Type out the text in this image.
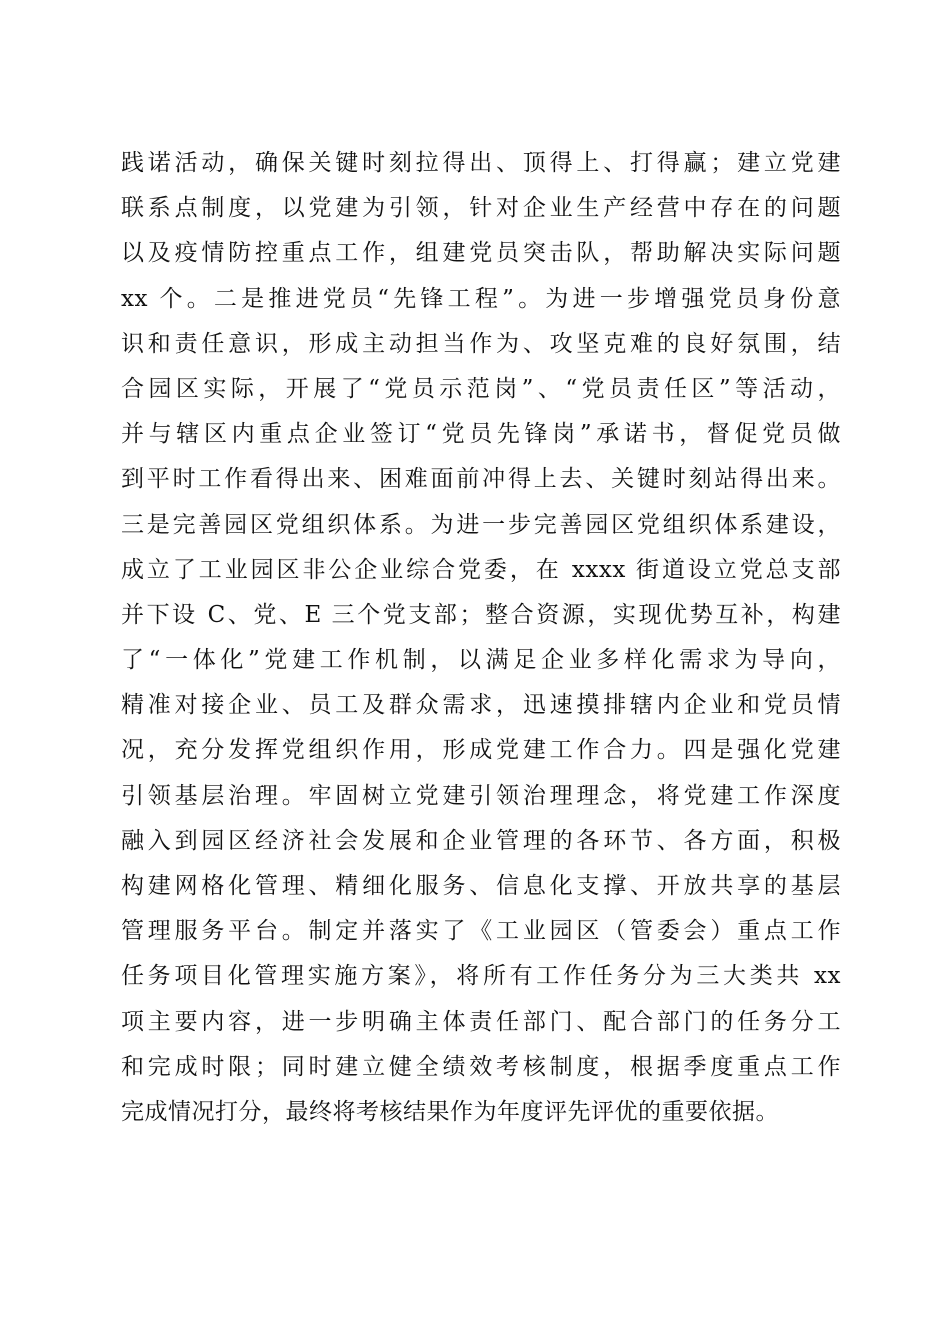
践诺活动，确保关键时刻拉得出、顶得上、打得赢；建立党建
联系点制度，以党建为引领，针对企业生产经营中存在的问题
以及疫情防控重点工作，组建党员突击队，帮助解决实际问题
xx 个。二是推进党员“先锋工程”。为进一步增强党员身份意
识和责任意识，形成主动担当作为、攻坚克难的良好氛围，结
合园区实际，开展了“党员示范岗”、“党员责任区”等活动，
并与辖区内重点企业签订“党员先锋岗”承诺书，督促党员做
到平时工作看得出来、困难面前冲得上去、关键时刻站得出来。
三是完善园区党组织体系。为进一步完善园区党组织体系建设，
成立了工业园区非公企业综合党委，在 xxxx 街道设立党总支部
并下设 C、党、E 三个党支部；整合资源，实现优势互补，构建
了“一体化”党建工作机制，以满足企业多样化需求为导向，
精准对接企业、员工及群众需求，迅速摸排辖内企业和党员情
况，充分发挥党组织作用，形成党建工作合力。四是强化党建
引领基层治理。牢固树立党建引领治理理念，将党建工作深度
融入到园区经济社会发展和企业管理的各环节、各方面，积极
构建网格化管理、精细化服务、信息化支撑、开放共享的基层
管理服务平台。制定并落实了《工业园区（管委会）重点工作
任务项目化管理实施方案》，将所有工作任务分为三大类共 xx
项主要内容，进一步明确主体责任部门、配合部门的任务分工
和完成时限；同时建立健全绩效考核制度，根据季度重点工作
完成情况打分，最终将考核结果作为年度评先评优的重要依据。
